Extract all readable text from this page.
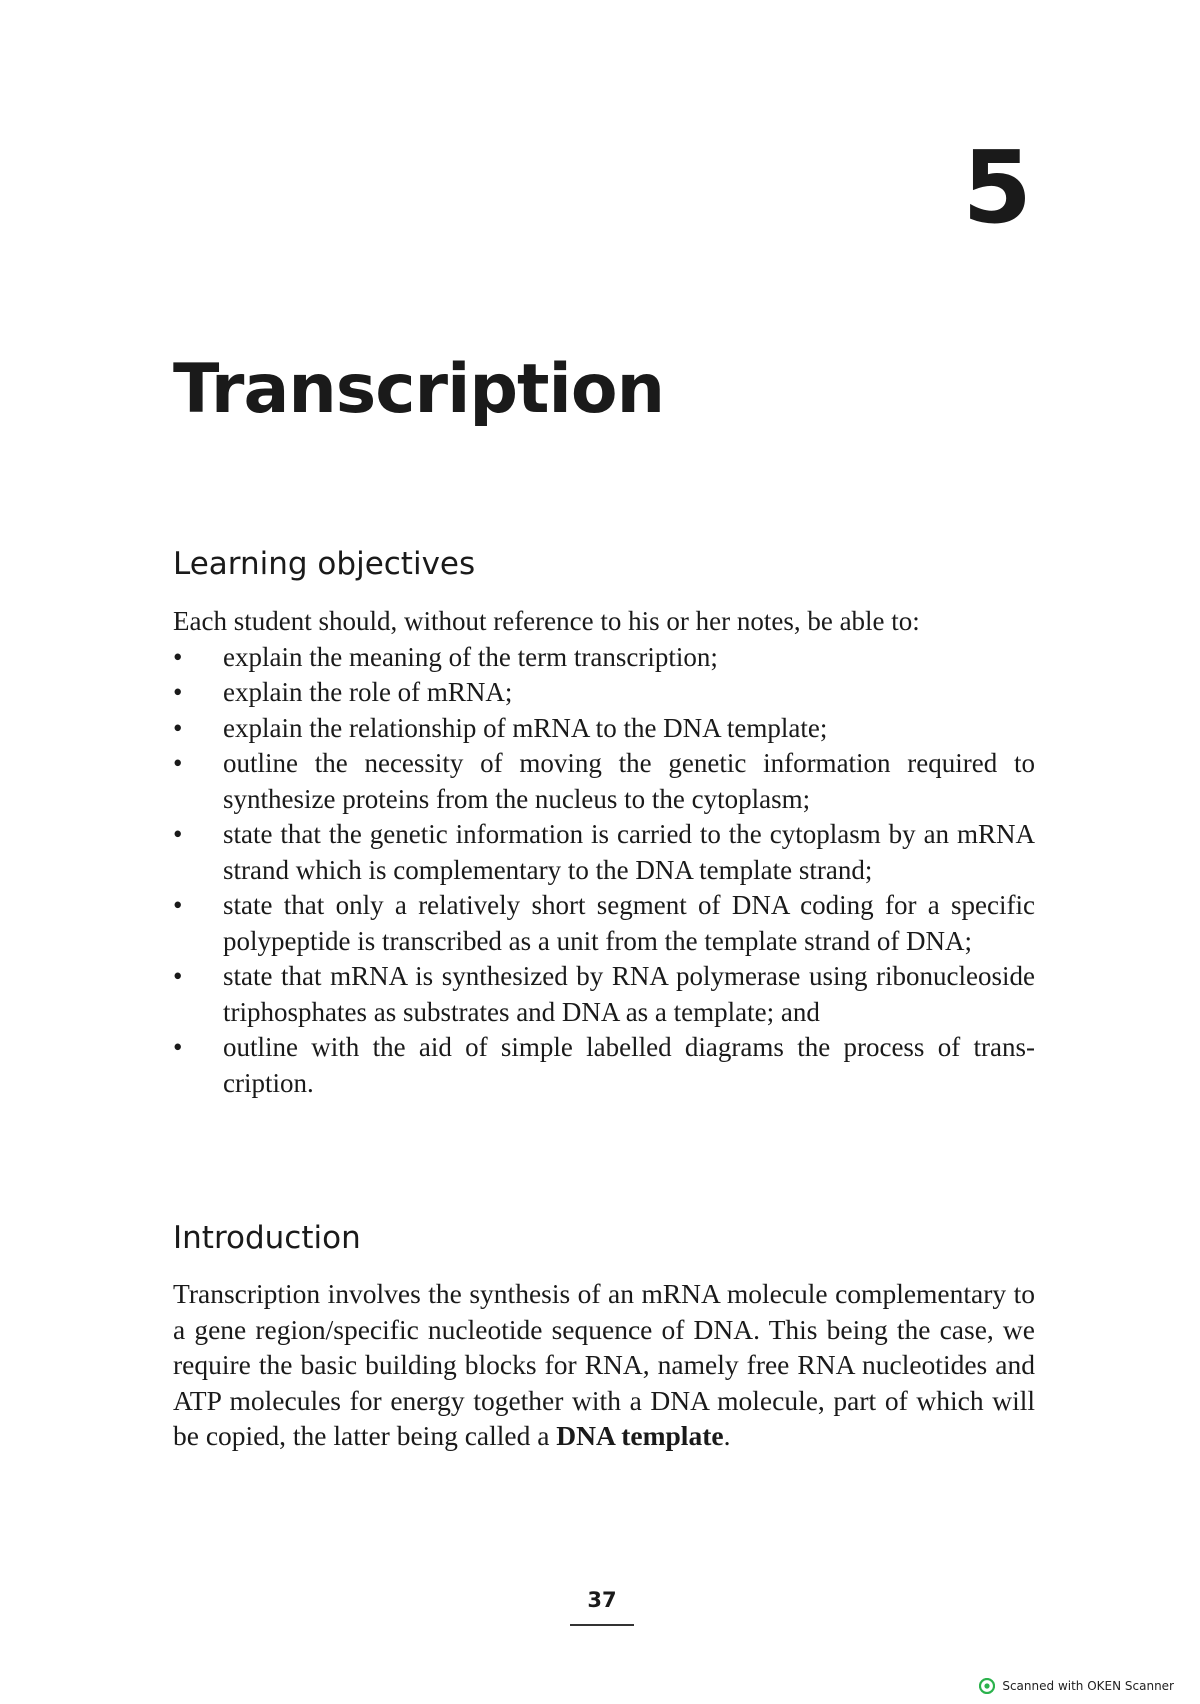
5
Transcription
Learning objectives

Each student should, without reference to his or her notes, be able to:

• explain the meaning of the term transcription;
• explain the role of mRNA;
• explain the relationship of mRNA to the DNA template;
• outline the necessity of moving the genetic information required to synthesize proteins from the nucleus to the cytoplasm;
• state that the genetic information is carried to the cytoplasm by an mRNA strand which is complementary to the DNA template strand;
• state that only a relatively short segment of DNA coding for a specific polypeptide is transcribed as a unit from the template strand of DNA;
• state that mRNA is synthesized by RNA polymerase using ribonucleoside triphosphates as substrates and DNA as a template; and
• outline with the aid of simple labelled diagrams the process of transcription.
Introduction

Transcription involves the synthesis of an mRNA molecule complementary to a gene region/specific nucleotide sequence of DNA. This being the case, we require the basic building blocks for RNA, namely free RNA nucleotides and ATP molecules for energy together with a DNA molecule, part of which will be copied, the latter being called a DNA template.

37
Scanned with OKEN Scanner
